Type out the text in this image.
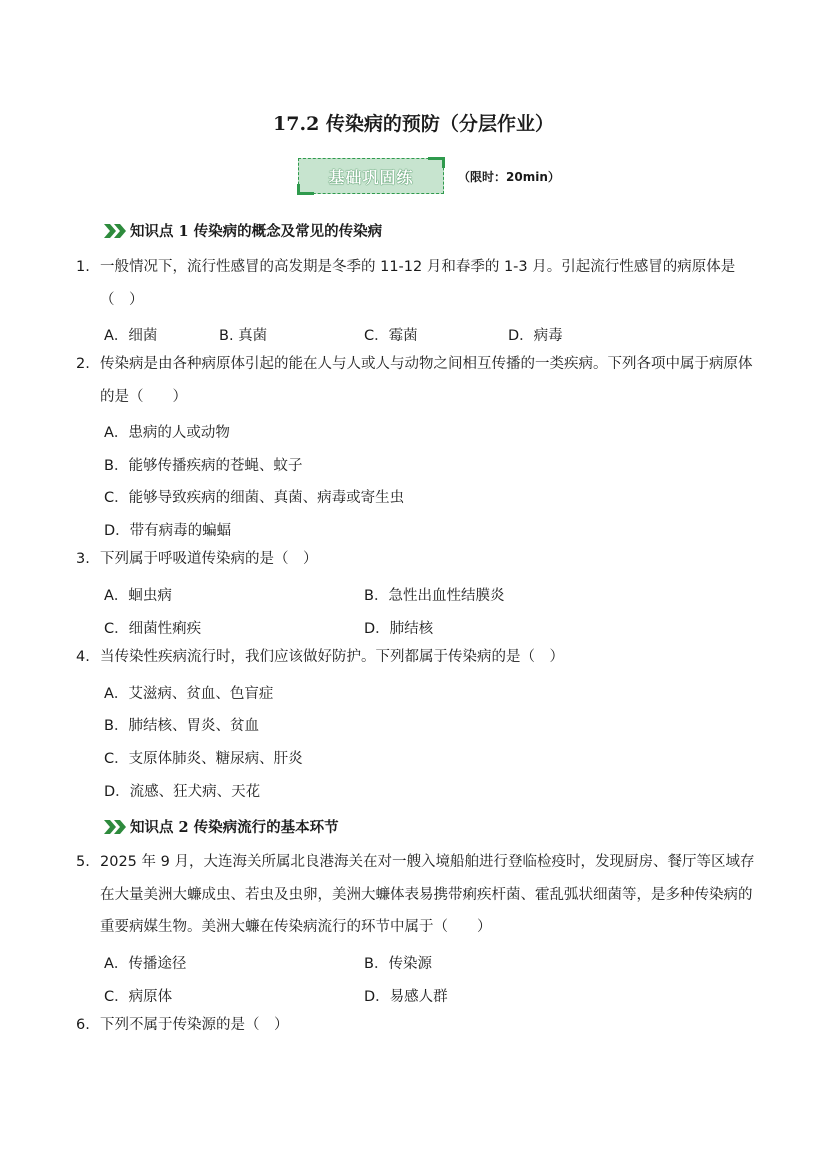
17.2 传染病的预防（分层作业）
基础巩固练	（限时：20min）
知识点 1 传染病的概念及常见的传染病
1. 一般情况下，流行性感冒的高发期是冬季的 11-12 月和春季的 1-3 月。引起流行性感冒的病原体是（　）
A．细菌	B. 真菌	C．霉菌	D．病毒
2. 传染病是由各种病原体引起的能在人与人或人与动物之间相互传播的一类疾病。下列各项中属于病原体的是（　　）
A．患病的人或动物
B．能够传播疾病的苍蝇、蚊子
C．能够导致疾病的细菌、真菌、病毒或寄生虫
D．带有病毒的蝙蝠
3. 下列属于呼吸道传染病的是（　）
A．蛔虫病	B．急性出血性结膜炎
C．细菌性痢疾	D．肺结核
4. 当传染性疾病流行时，我们应该做好防护。下列都属于传染病的是（　）
A．艾滋病、贫血、色盲症
B．肺结核、胃炎、贫血
C．支原体肺炎、糖尿病、肝炎
D．流感、狂犬病、天花
知识点 2 传染病流行的基本环节
5. 2025 年 9 月，大连海关所属北良港海关在对一艘入境船舶进行登临检疫时，发现厨房、餐厅等区域存在大量美洲大蠊成虫、若虫及虫卵，美洲大蠊体表易携带痢疾杆菌、霍乱弧状细菌等，是多种传染病的重要病媒生物。美洲大蠊在传染病流行的环节中属于（　　）
A．传播途径	B．传染源
C．病原体	D．易感人群
6. 下列不属于传染源的是（　）
